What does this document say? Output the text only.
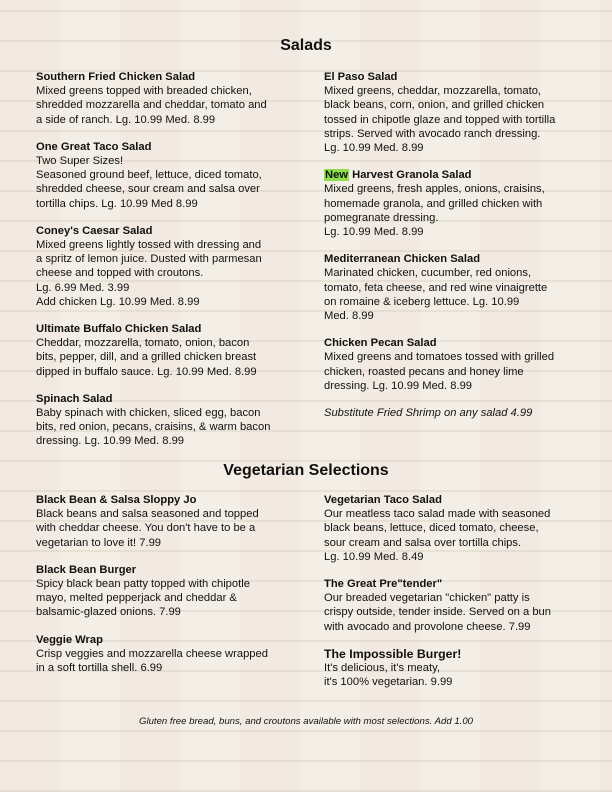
Salads
Southern Fried Chicken Salad
Mixed greens topped with breaded chicken,
shredded mozzarella and cheddar, tomato and
a side of ranch. Lg. 10.99 Med. 8.99
One Great Taco Salad
Two Super Sizes!
Seasoned ground beef, lettuce, diced tomato,
shredded cheese, sour cream and salsa over
tortilla chips. Lg. 10.99 Med 8.99
Coney's Caesar Salad
Mixed greens lightly tossed with dressing and
a spritz of lemon juice. Dusted with parmesan
cheese and topped with croutons.
Lg. 6.99 Med. 3.99
Add chicken Lg. 10.99 Med. 8.99
Ultimate Buffalo Chicken Salad
Cheddar, mozzarella, tomato, onion, bacon
bits, pepper, dill, and a grilled chicken breast
dipped in buffalo sauce. Lg. 10.99 Med. 8.99
Spinach Salad
Baby spinach with chicken, sliced egg, bacon
bits, red onion, pecans, craisins, & warm bacon
dressing. Lg. 10.99 Med. 8.99
El Paso Salad
Mixed greens, cheddar, mozzarella, tomato,
black beans, corn, onion, and grilled chicken
tossed in chipotle glaze and topped with tortilla
strips. Served with avocado ranch dressing.
Lg. 10.99 Med. 8.99
New Harvest Granola Salad
Mixed greens, fresh apples, onions, craisins,
homemade granola, and grilled chicken with
pomegranate dressing.
Lg. 10.99 Med. 8.99
Mediterranean Chicken Salad
Marinated chicken, cucumber, red onions,
tomato, feta cheese, and red wine vinaigrette
on romaine & iceberg lettuce. Lg. 10.99
Med. 8.99
Chicken Pecan Salad
Mixed greens and tomatoes tossed with grilled
chicken, roasted pecans and honey lime
dressing. Lg. 10.99 Med. 8.99
Substitute Fried Shrimp on any salad 4.99
Vegetarian Selections
Black Bean & Salsa Sloppy Jo
Black beans and salsa seasoned and topped
with cheddar cheese. You don't have to be a
vegetarian to love it! 7.99
Black Bean Burger
Spicy black bean patty topped with chipotle
mayo, melted pepperjack and cheddar &
balsamic-glazed onions. 7.99
Veggie Wrap
Crisp veggies and mozzarella cheese wrapped
in a soft tortilla shell. 6.99
Vegetarian Taco Salad
Our meatless taco salad made with seasoned
black beans, lettuce, diced tomato, cheese,
sour cream and salsa over tortilla chips.
Lg. 10.99 Med. 8.49
The Great Pre"tender"
Our breaded vegetarian "chicken" patty is
crispy outside, tender inside. Served on a bun
with avocado and provolone cheese. 7.99
The Impossible Burger!
It's delicious, it's meaty,
it's 100% vegetarian. 9.99
Gluten free bread, buns, and croutons available with most selections. Add 1.00
